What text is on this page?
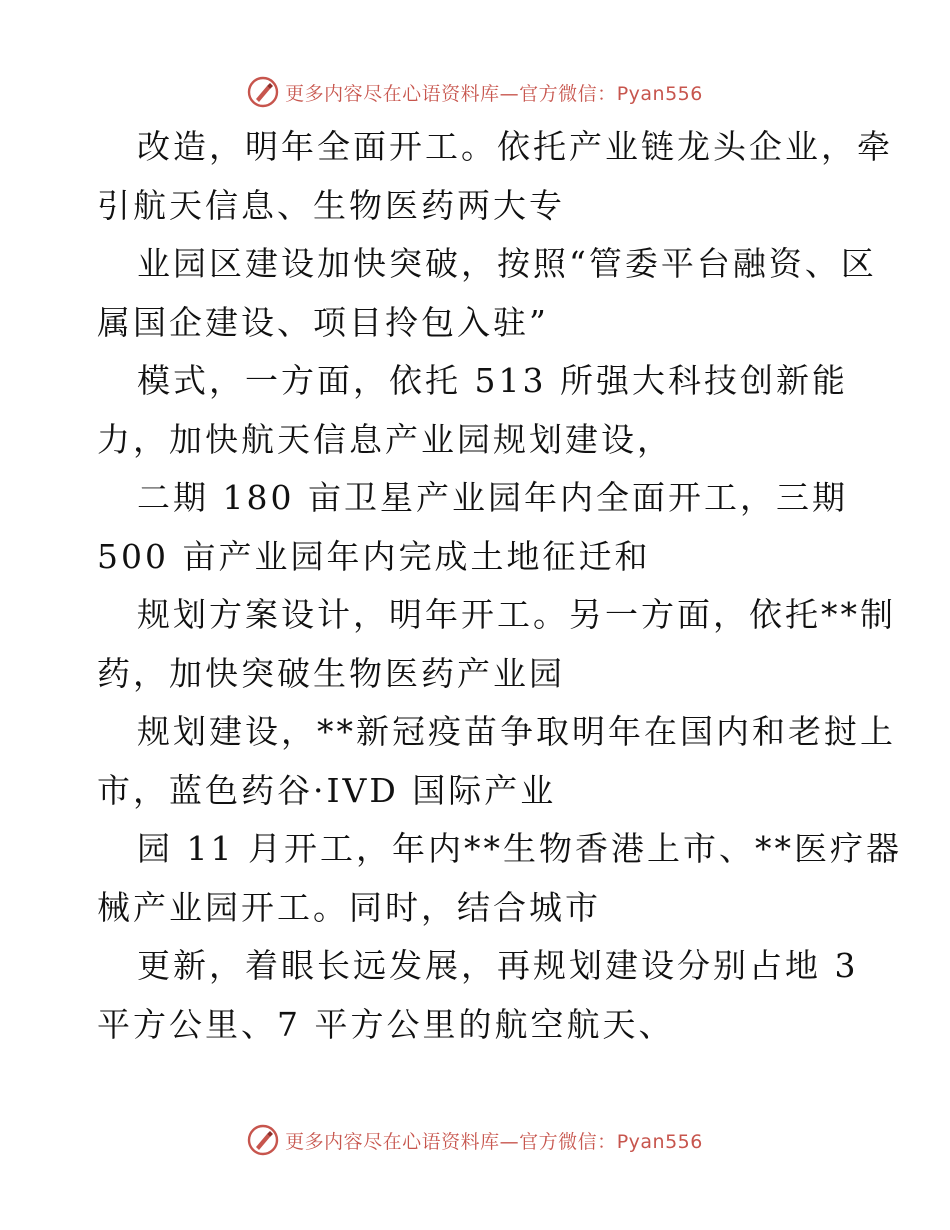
更多内容尽在心语资料库—官方微信：Pyan556
改造，明年全面开工。依托产业链龙头企业，牵
引航天信息、生物医药两大专
业园区建设加快突破，按照“管委平台融资、区
属国企建设、项目拎包入驻”
模式，一方面，依托 513 所强大科技创新能
力，加快航天信息产业园规划建设，
二期 180 亩卫星产业园年内全面开工，三期
500 亩产业园年内完成土地征迁和
规划方案设计，明年开工。另一方面，依托**制
药，加快突破生物医药产业园
规划建设，**新冠疫苗争取明年在国内和老挝上
市，蓝色药谷·IVD 国际产业
园 11 月开工，年内**生物香港上市、**医疗器
械产业园开工。同时，结合城市
更新，着眼长远发展，再规划建设分别占地 3
平方公里、7 平方公里的航空航天、
更多内容尽在心语资料库—官方微信：Pyan556
